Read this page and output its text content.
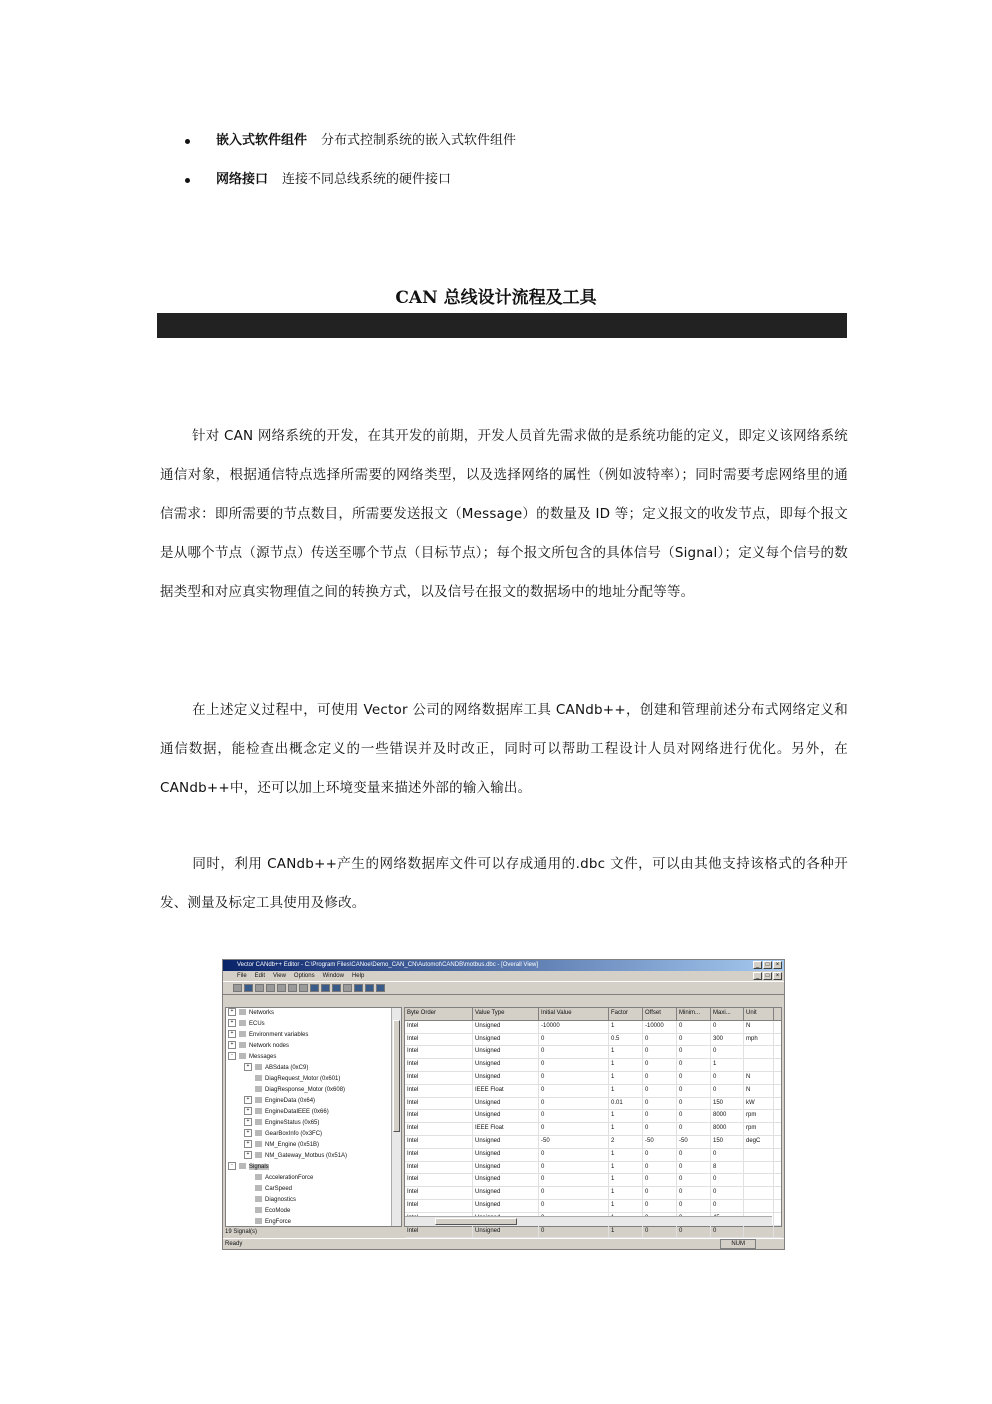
嵌入式软件组件 分布式控制系统的嵌入式软件组件
网络接口 连接不同总线系统的硬件接口
CAN 总线设计流程及工具
针对 CAN 网络系统的开发，在其开发的前期，开发人员首先需求做的是系统功能的定义，即定义该网络系统通信对象，根据通信特点选择所需要的网络类型，以及选择网络的属性（例如波特率）；同时需要考虑网络里的通信需求：即所需要的节点数目，所需要发送报文（Message）的数量及 ID 等；定义报文的收发节点，即每个报文是从哪个节点（源节点）传送至哪个节点（目标节点）；每个报文所包含的具体信号（Signal）；定义每个信号的数据类型和对应真实物理值之间的转换方式，以及信号在报文的数据场中的地址分配等等。
在上述定义过程中，可使用 Vector 公司的网络数据库工具 CANdb++，创建和管理前述分布式网络定义和通信数据，能检查出概念定义的一些错误并及时改正，同时可以帮助工程设计人员对网络进行优化。另外，在 CANdb++中，还可以加上环境变量来描述外部的输入输出。
同时，利用 CANdb++产生的网络数据库文件可以存成通用的.dbc 文件，可以由其他支持该格式的各种开发、测量及标定工具使用及修改。
Vector CANdb++ Editor - C:\Program Files\CANoe\Demo_CAN_CN\Automot\CANDB\motbus.dbc - [Overall View]	_	□	×
File Edit View Options Window Help	_	□	×
+	Networks
+	ECUs
+	Environment variables
+	Network nodes
-	Messages
+	ABSdata (0xC9)
DiagRequest_Motor (0x601)
DiagResponse_Motor (0x608)
+	EngineData (0x64)
+	EngineDataIEEE (0x66)
+	EngineStatus (0x65)
+	GearBoxInfo (0x3FC)
+	NM_Engine (0x51B)
+	NM_Gateway_Motbus (0x51A)
-	Signals
AccelerationForce
CarSpeed
Diagnostics
EcoMode
EngForce
Byte Order	Value Type	Initial Value	Factor	Offset	Minim...	Maxi...	Unit
Intel	Unsigned	-10000	1	-10000	0	0	N
Intel	Unsigned	0	0.5	0	0	300	mph
Intel	Unsigned	0	1	0	0	0
Intel	Unsigned	0	1	0	0	1
Intel	Unsigned	0	1	0	0	0	N
Intel	IEEE Float	0	1	0	0	0	N
Intel	Unsigned	0	0.01	0	0	150	kW
Intel	Unsigned	0	1	0	0	8000	rpm
Intel	IEEE Float	0	1	0	0	8000	rpm
Intel	Unsigned	-50	2	-50	-50	150	degC
Intel	Unsigned	0	1	0	0	0
Intel	Unsigned	0	1	0	0	8
Intel	Unsigned	0	1	0	0	0
Intel	Unsigned	0	1	0	0	0
Intel	Unsigned	0	1	0	0	0
Intel	Unsigned	0	1	0	0	0
19 Signal(s)
Ready	NUM
